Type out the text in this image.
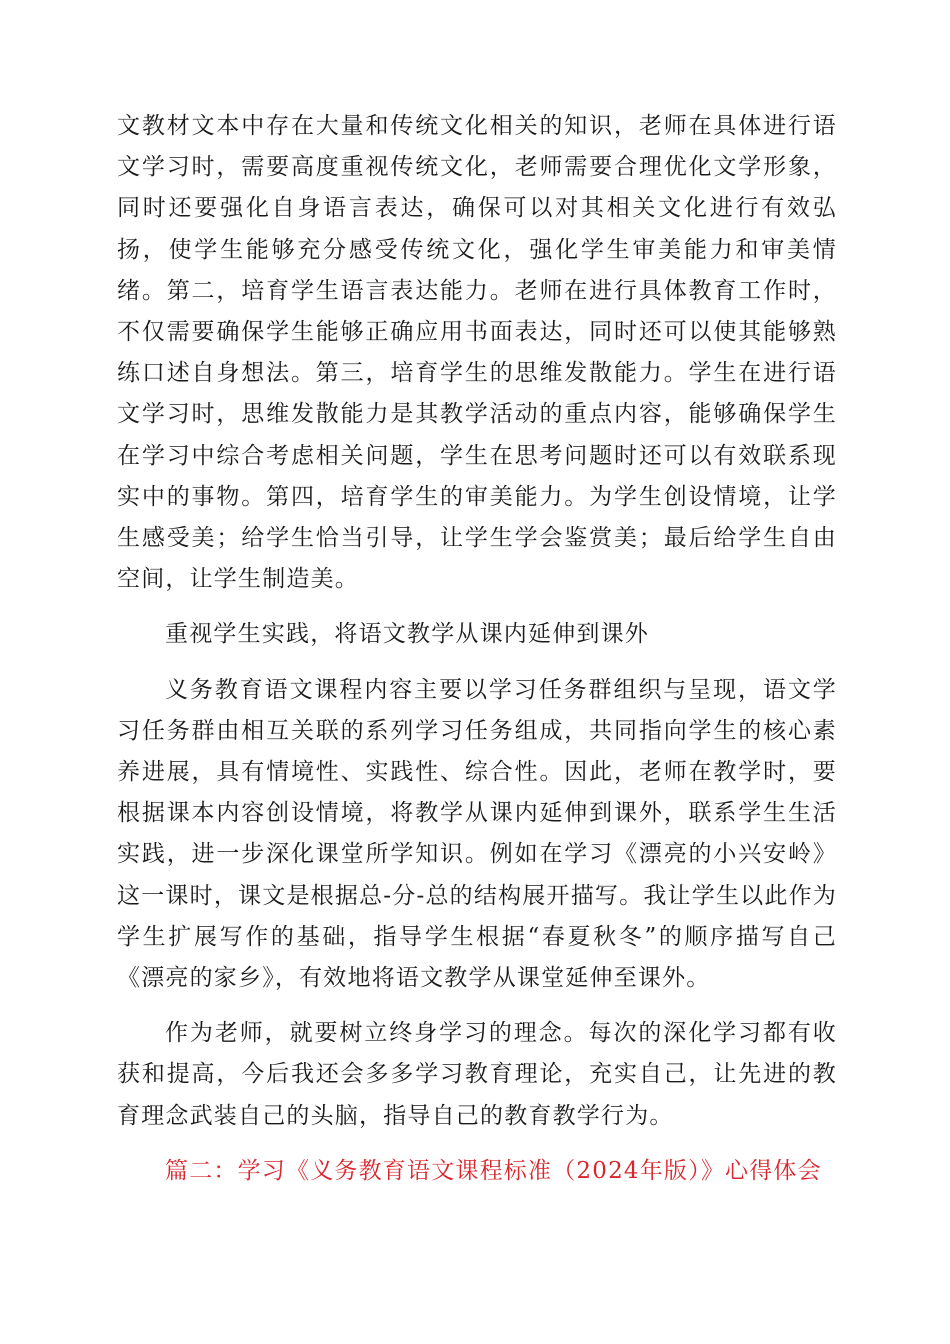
文教材文本中存在大量和传统文化相关的知识，老师在具体进行语文学习时，需要高度重视传统文化，老师需要合理优化文学形象，同时还要强化自身语言表达，确保可以对其相关文化进行有效弘扬，使学生能够充分感受传统文化，强化学生审美能力和审美情绪。第二，培育学生语言表达能力。老师在进行具体教育工作时，不仅需要确保学生能够正确应用书面表达，同时还可以使其能够熟练口述自身想法。第三，培育学生的思维发散能力。学生在进行语文学习时，思维发散能力是其教学活动的重点内容，能够确保学生在学习中综合考虑相关问题，学生在思考问题时还可以有效联系现实中的事物。第四，培育学生的审美能力。为学生创设情境，让学生感受美；给学生恰当引导，让学生学会鉴赏美；最后给学生自由空间，让学生制造美。

重视学生实践，将语文教学从课内延伸到课外

义务教育语文课程内容主要以学习任务群组织与呈现，语文学习任务群由相互关联的系列学习任务组成，共同指向学生的核心素养进展，具有情境性、实践性、综合性。因此，老师在教学时，要根据课本内容创设情境，将教学从课内延伸到课外，联系学生生活实践，进一步深化课堂所学知识。例如在学习《漂亮的小兴安岭》这一课时，课文是根据总-分-总的结构展开描写。我让学生以此作为学生扩展写作的基础，指导学生根据“春夏秋冬”的顺序描写自己《漂亮的家乡》，有效地将语文教学从课堂延伸至课外。

作为老师，就要树立终身学习的理念。每次的深化学习都有收获和提高，今后我还会多多学习教育理论，充实自己，让先进的教育理念武装自己的头脑，指导自己的教育教学行为。

篇二：学习《义务教育语文课程标准（2024年版）》心得体会
